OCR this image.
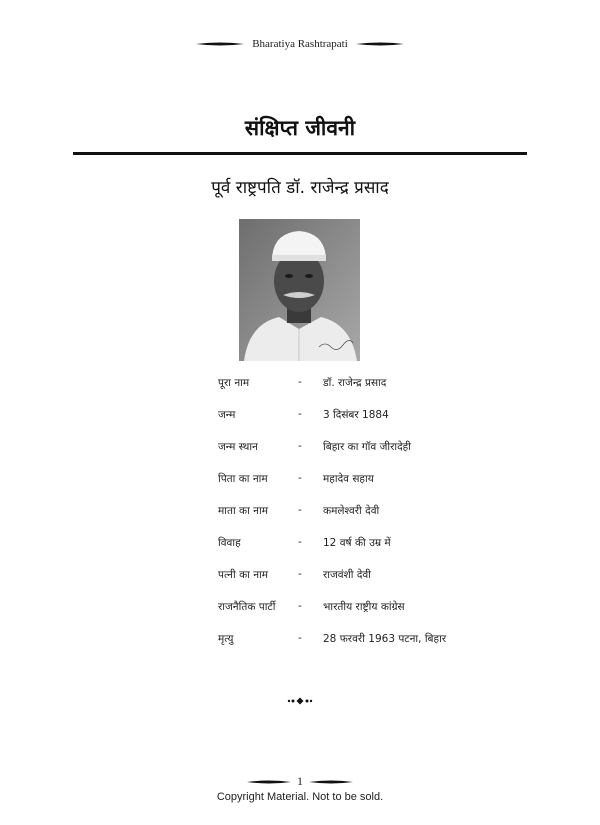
Bharatiya Rashtrapati
संक्षिप्त जीवनी
पूर्व राष्ट्रपति डॉ. राजेन्द्र प्रसाद
पूरा नाम	-	डॉ. राजेन्द्र प्रसाद
जन्म	-	3 दिसंबर 1884
जन्म स्थान	-	बिहार का गॉव जीरादेही
पिता का नाम	-	महादेव सहाय
माता का नाम	-	कमलेश्वरी देवी
विवाह	-	12 वर्ष की उम्र में
पत्नी का नाम	-	राजवंशी देवी
राजनैतिक पार्टी	-	भारतीय राष्ट्रीय कांग्रेस
मृत्यु	-	28 फरवरी 1963 पटना, बिहार
1
Copyright Material. Not to be sold.
